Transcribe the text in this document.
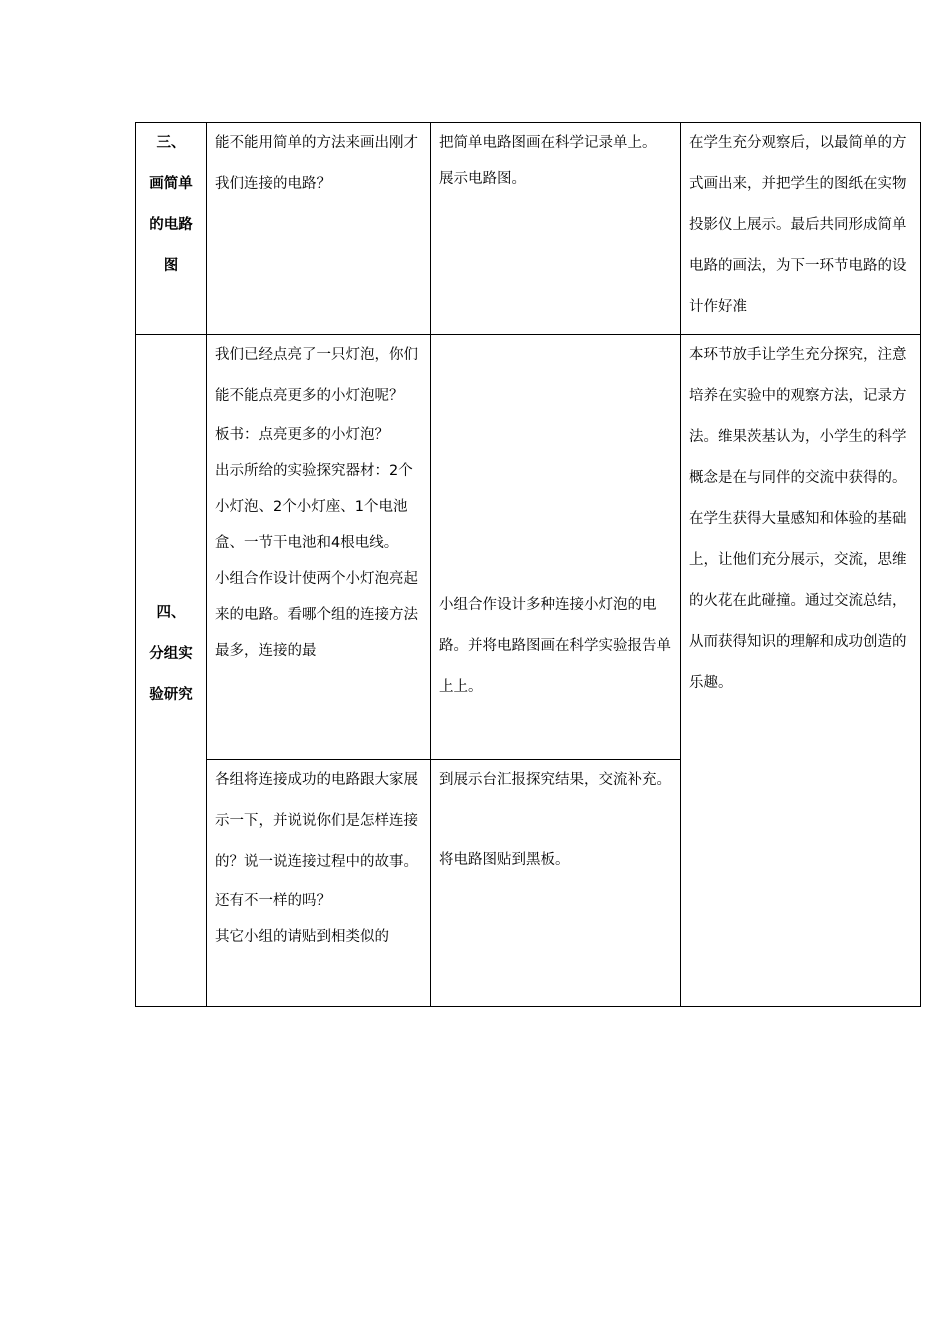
三、
画简单
的电路
图	能不能用简单的方法来画出刚才我们连接的电路？	把简单电路图画在科学记录单上。
展示电路图。	在学生充分观察后，以最简单的方式画出来，并把学生的图纸在实物投影仪上展示。最后共同形成简单电路的画法，为下一环节电路的设计作好准

四、
分组实
验研究	我们已经点亮了一只灯泡，你们能不能点亮更多的小灯泡呢？
板书：点亮更多的小灯泡？
出示所给的实验探究器材：2个小灯泡、2个小灯座、1个电池盒、一节干电池和4根电线。
小组合作设计使两个小灯泡亮起来的电路。看哪个组的连接方法最多，连接的最	小组合作设计多种连接小灯泡的电路。并将电路图画在科学实验报告单上上。	本环节放手让学生充分探究，注意培养在实验中的观察方法，记录方法。维果茨基认为，小学生的科学概念是在与同伴的交流中获得的。在学生获得大量感知和体验的基础上，让他们充分展示，交流，思维的火花在此碰撞。通过交流总结，从而获得知识的理解和成功创造的乐趣。

	各组将连接成功的电路跟大家展示一下，并说说你们是怎样连接的？说一说连接过程中的故事。
还有不一样的吗？
其它小组的请贴到相类似的	到展示台汇报探究结果，交流补充。
将电路图贴到黑板。	
